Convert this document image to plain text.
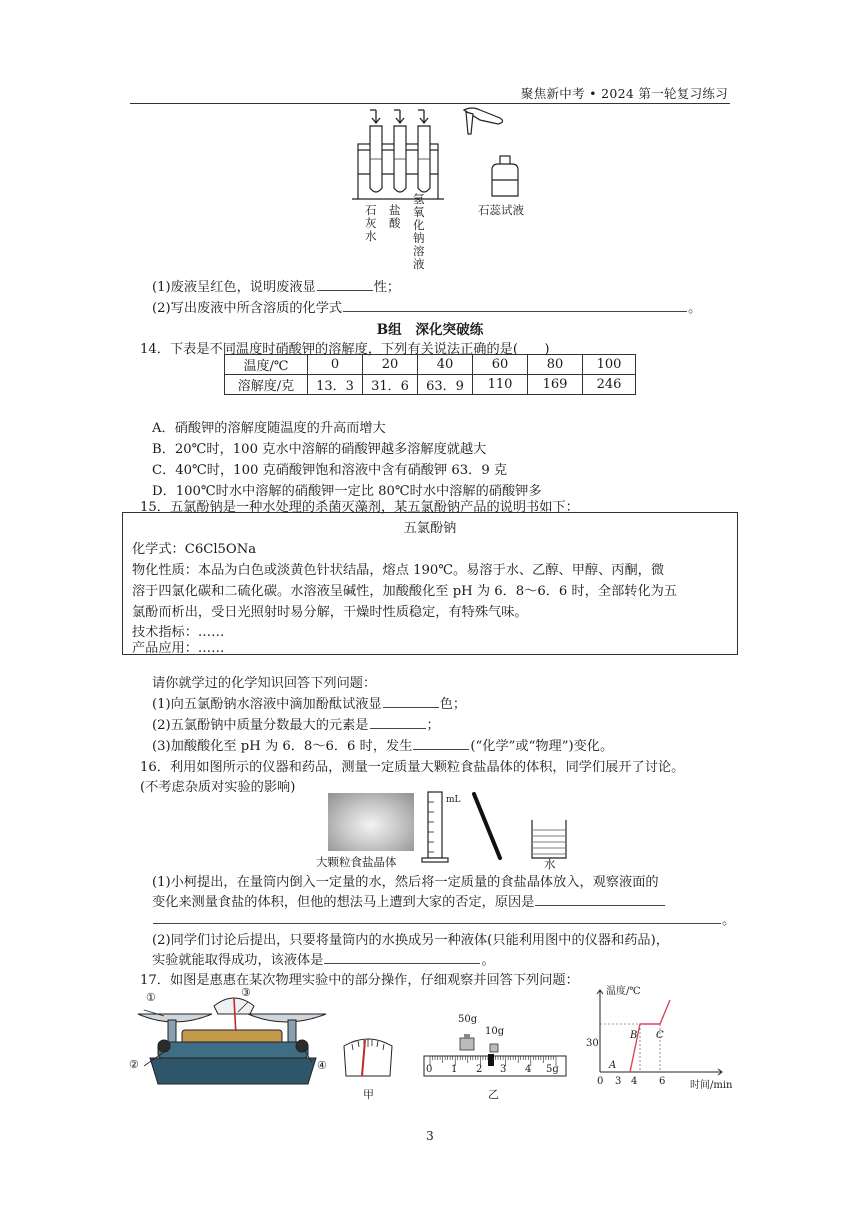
聚焦新中考 • 2024 第一轮复习练习
石
灰
水
盐
酸
氢
氧
化
钠
溶
液
石蕊试液
(1)废液呈红色，说明废液显	性；
(2)写出废液中所含溶质的化学式	。
B组　深化突破练
14．下表是不同温度时硝酸钾的溶解度，下列有关说法正确的是(　　)
温度/℃	0	20	40	60	80	100
溶解度/克	13．3	31．6	63．9	110	169	246
A．硝酸钾的溶解度随温度的升高而增大
B．20℃时，100 克水中溶解的硝酸钾越多溶解度就越大
C．40℃时，100 克硝酸钾饱和溶液中含有硝酸钾 63．9 克
D．100℃时水中溶解的硝酸钾一定比 80℃时水中溶解的硝酸钾多
15．五氯酚钠是一种水处理的杀菌灭藻剂，某五氯酚钠产品的说明书如下：
五氯酚钠
化学式：C6Cl5ONa
物化性质：本品为白色或淡黄色针状结晶，熔点 190℃。易溶于水、乙醇、甲醇、丙酮，微
溶于四氯化碳和二硫化碳。水溶液呈碱性，加酸酸化至 pH 为 6．8～6．6 时，全部转化为五
氯酚而析出，受日光照射时易分解，干燥时性质稳定，有特殊气味。
技术指标：……
产品应用：……
请你就学过的化学知识回答下列问题：
(1)向五氯酚钠水溶液中滴加酚酞试液显	色；
(2)五氯酚钠中质量分数最大的元素是	；
(3)加酸酸化至 pH 为 6．8～6．6 时，发生	(“化学”或“物理”)变化。
16．利用如图所示的仪器和药品，测量一定质量大颗粒食盐晶体的体积，同学们展开了讨论。
(不考虑杂质对实验的影响)
大颗粒食盐晶体
mL
水
(1)小柯提出，在量筒内倒入一定量的水，然后将一定质量的食盐晶体放入，观察液面的
变化来测量食盐的体积，但他的想法马上遭到大家的否定，原因是
。
(2)同学们讨论后提出，只要将量筒内的水换成另一种液体(只能利用图中的仪器和药品)，
实验就能取得成功，该液体是	。
17．如图是惠惠在某次物理实验中的部分操作，仔细观察并回答下列问题：
①
②
③
④
甲
50g
10g
0 1 2 3 4 5g
乙
温度/℃
时间/min
30
0 3 4 6
A
B C
3
